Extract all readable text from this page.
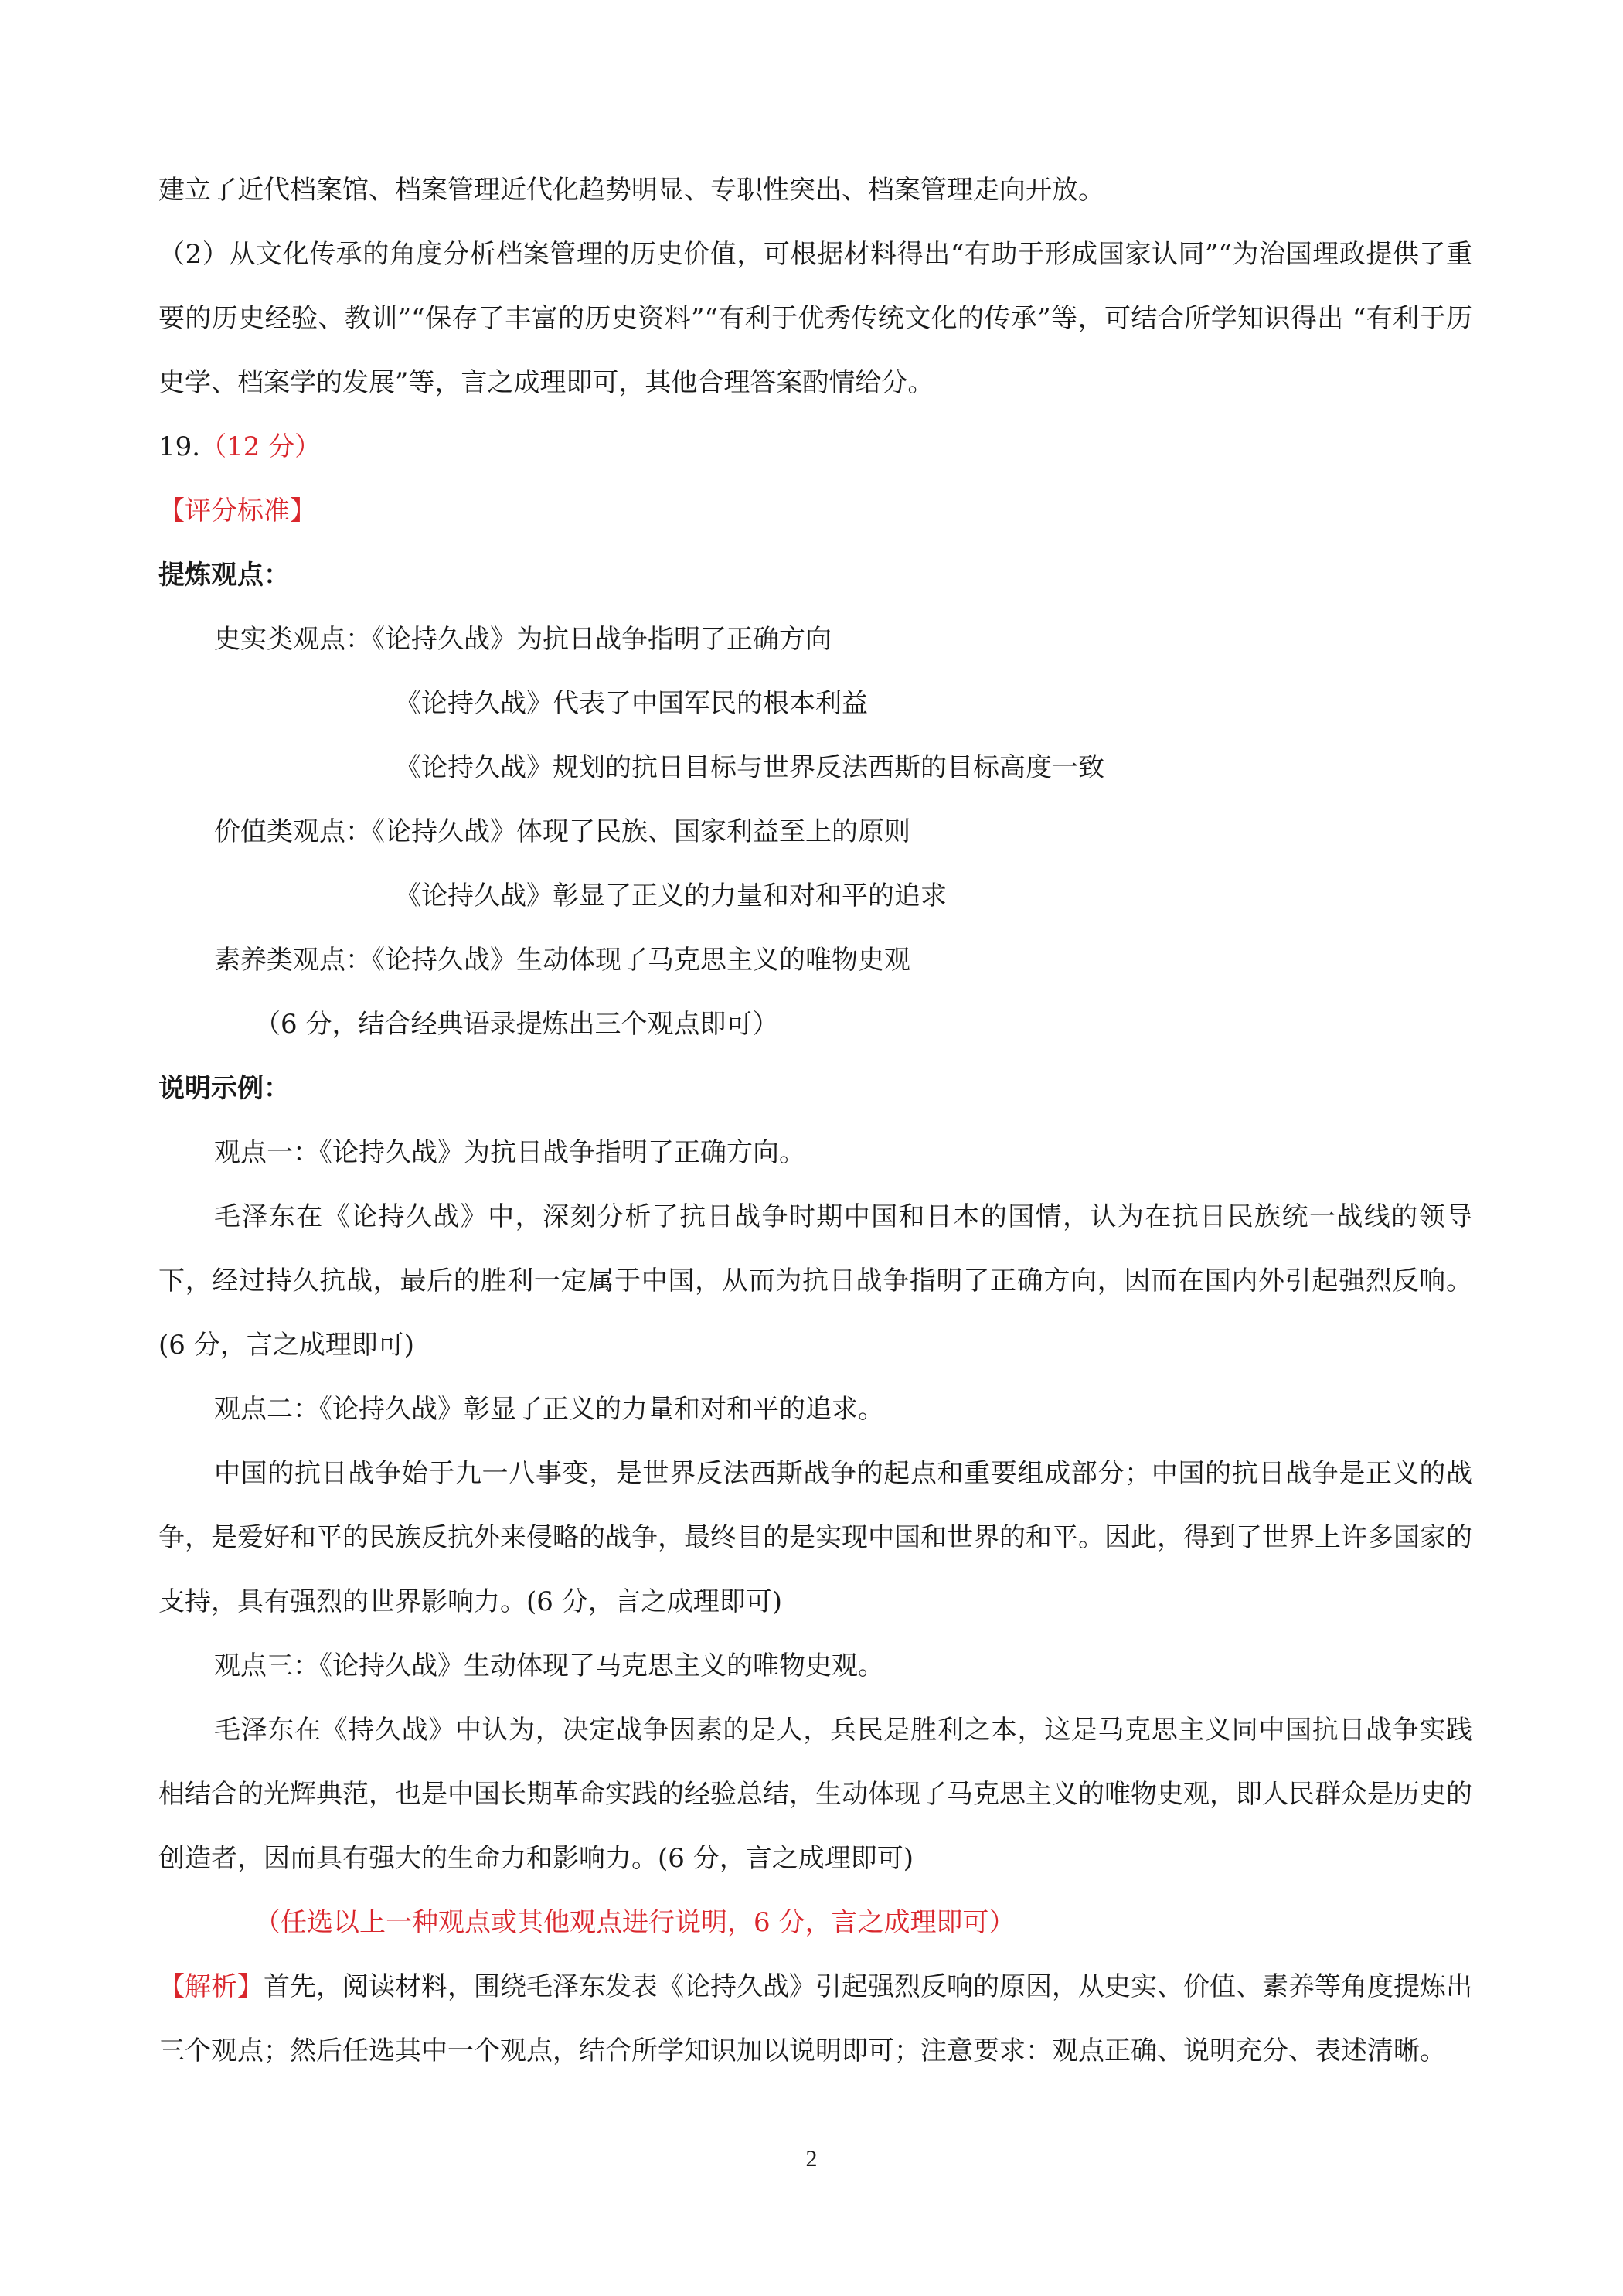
建立了近代档案馆、档案管理近代化趋势明显、专职性突出、档案管理走向开放。

（2）从文化传承的角度分析档案管理的历史价值，可根据材料得出“有助于形成国家认同”“为治国理政提供了重要的历史经验、教训”“保存了丰富的历史资料”“有利于优秀传统文化的传承”等，可结合所学知识得出 “有利于历史学、档案学的发展”等，言之成理即可，其他合理答案酌情给分。

19.（12 分）

【评分标准】

提炼观点：

史实类观点：《论持久战》为抗日战争指明了正确方向

《论持久战》代表了中国军民的根本利益

《论持久战》规划的抗日目标与世界反法西斯的目标高度一致

价值类观点：《论持久战》体现了民族、国家利益至上的原则

《论持久战》彰显了正义的力量和对和平的追求

素养类观点：《论持久战》生动体现了马克思主义的唯物史观

（6 分，结合经典语录提炼出三个观点即可）

说明示例：

观点一：《论持久战》为抗日战争指明了正确方向。

毛泽东在《论持久战》中，深刻分析了抗日战争时期中国和日本的国情，认为在抗日民族统一战线的领导下，经过持久抗战，最后的胜利一定属于中国，从而为抗日战争指明了正确方向，因而在国内外引起强烈反响。(6 分，言之成理即可)

观点二：《论持久战》彰显了正义的力量和对和平的追求。

中国的抗日战争始于九一八事变，是世界反法西斯战争的起点和重要组成部分；中国的抗日战争是正义的战争，是爱好和平的民族反抗外来侵略的战争，最终目的是实现中国和世界的和平。因此，得到了世界上许多国家的支持，具有强烈的世界影响力。(6 分，言之成理即可)

观点三：《论持久战》生动体现了马克思主义的唯物史观。

毛泽东在《持久战》中认为，决定战争因素的是人，兵民是胜利之本，这是马克思主义同中国抗日战争实践相结合的光辉典范，也是中国长期革命实践的经验总结，生动体现了马克思主义的唯物史观，即人民群众是历史的创造者，因而具有强大的生命力和影响力。(6 分，言之成理即可)

（任选以上一种观点或其他观点进行说明，6 分，言之成理即可）

【解析】首先，阅读材料，围绕毛泽东发表《论持久战》引起强烈反响的原因，从史实、价值、素养等角度提炼出三个观点；然后任选其中一个观点，结合所学知识加以说明即可；注意要求：观点正确、说明充分、表述清晰。

2
